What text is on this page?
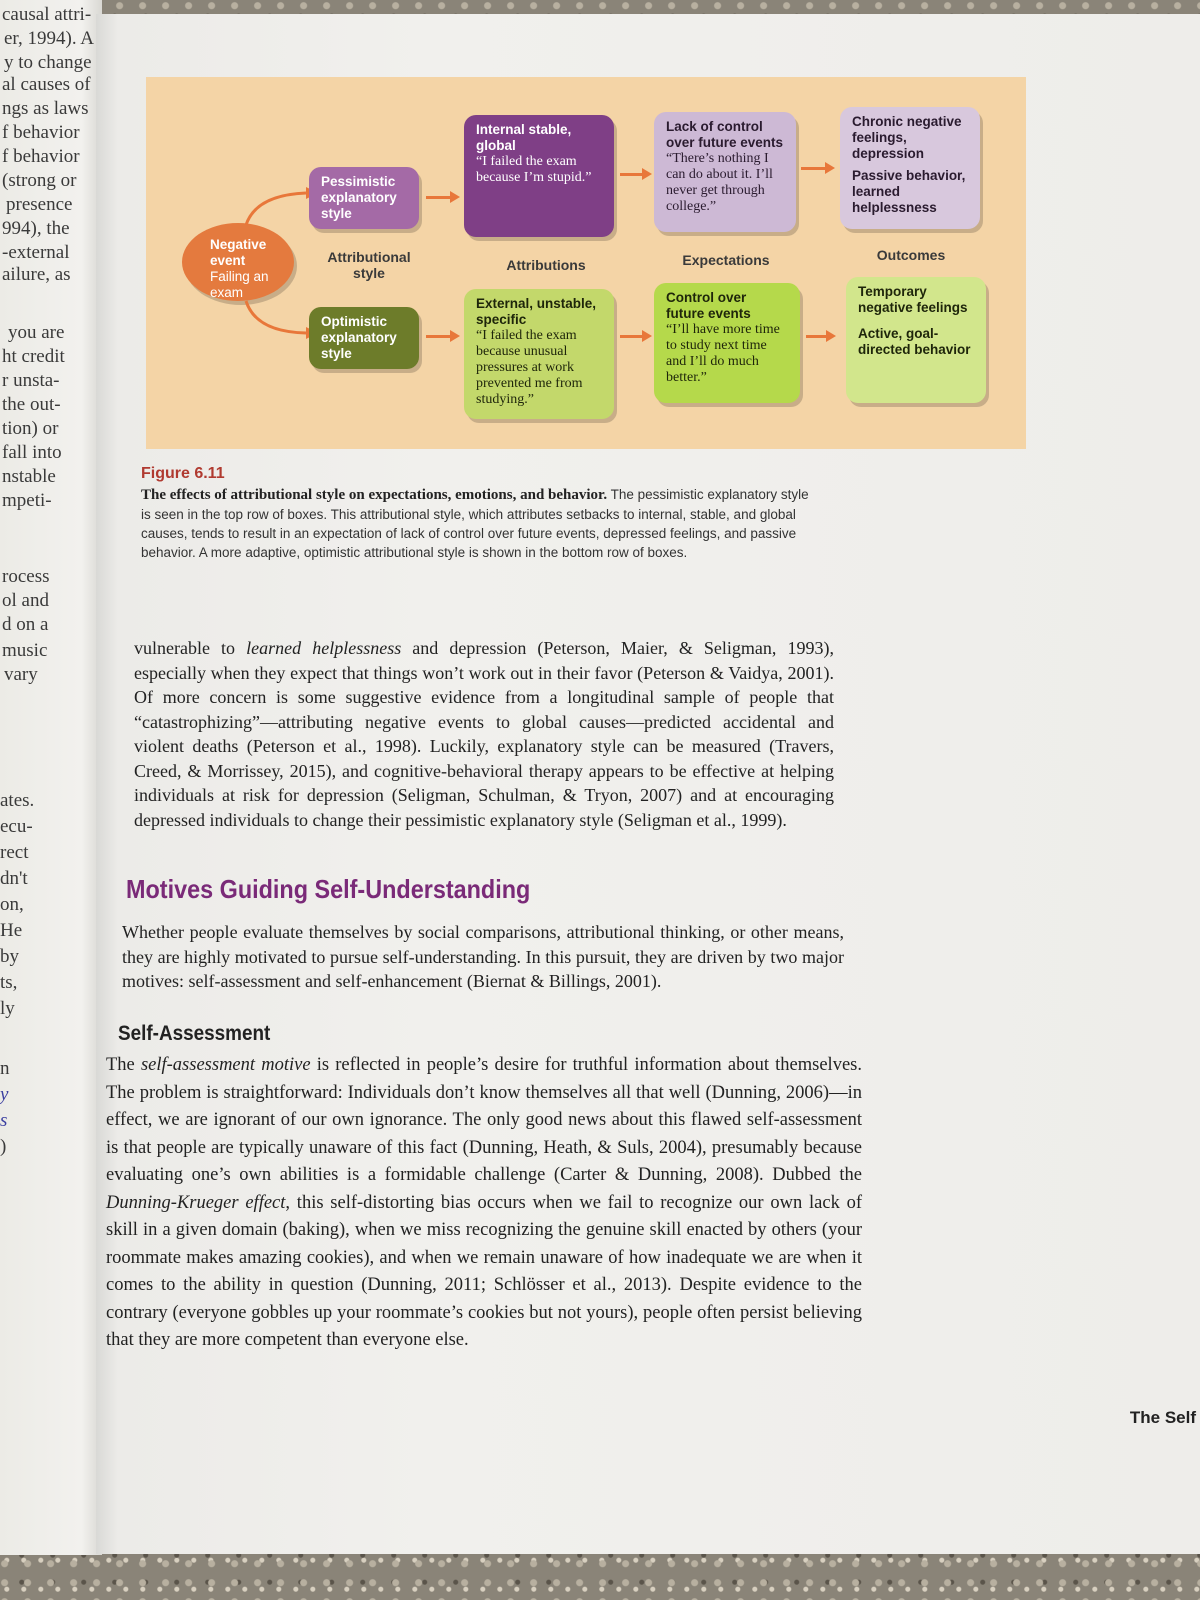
causal attri-
er, 1994). A
y to change
al causes of
ngs as laws
f behavior
f behavior
(strong or
presence
994), the
-external
ailure, as
you are
ht credit
r unsta-
the out-
tion) or
fall into
nstable
mpeti-
rocess
ol and
d on a
music
vary
ates.
ecu-
rect
dn't
on,
He
by
ts,
ly
n
y
s
)
Negative event
Failing an exam
Attributional style	Attributions	Expectations	Outcomes
Pessimistic explanatory style
Internal stable, global
“I failed the exam because I’m stupid.”
Lack of control over future events
“There’s nothing I can do about it. I’ll never get through college.”
Chronic negative feelings, depression
Passive behavior, learned helplessness
Optimistic explanatory style
External, unstable, specific
“I failed the exam because unusual pressures at work prevented me from studying.”
Control over future events
“I’ll have more time to study next time and I’ll do much better.”
Temporary negative feelings
Active, goal-directed behavior
Figure 6.11
The effects of attributional style on expectations, emotions, and behavior. The pessimistic explanatory style is seen in the top row of boxes. This attributional style, which attributes setbacks to internal, stable, and global causes, tends to result in an expectation of lack of control over future events, depressed feelings, and passive behavior. A more adaptive, optimistic attributional style is shown in the bottom row of boxes.
vulnerable to learned helplessness and depression (Peterson, Maier, & Seligman, 1993), especially when they expect that things won’t work out in their favor (Peterson & Vaidya, 2001). Of more concern is some suggestive evidence from a longitudinal sample of people that “catastrophizing”—attributing negative events to global causes—predicted accidental and violent deaths (Peterson et al., 1998). Luckily, explanatory style can be measured (Travers, Creed, & Morrissey, 2015), and cognitive-behavioral therapy appears to be effective at helping individuals at risk for depression (Seligman, Schulman, & Tryon, 2007) and at encouraging depressed individuals to change their pessimistic explanatory style (Seligman et al., 1999).
Motives Guiding Self-Understanding
Whether people evaluate themselves by social comparisons, attributional thinking, or other means, they are highly motivated to pursue self-understanding. In this pursuit, they are driven by two major motives: self-assessment and self-enhancement (Biernat & Billings, 2001).
Self-Assessment
The self-assessment motive is reflected in people’s desire for truthful information about themselves. The problem is straightforward: Individuals don’t know themselves all that well (Dunning, 2006)—in effect, we are ignorant of our own ignorance. The only good news about this flawed self-assessment is that people are typically unaware of this fact (Dunning, Heath, & Suls, 2004), presumably because evaluating one’s own abilities is a formidable challenge (Carter & Dunning, 2008). Dubbed the Dunning-Krueger effect, this self-distorting bias occurs when we fail to recognize our own lack of skill in a given domain (baking), when we miss recognizing the genuine skill enacted by others (your roommate makes amazing cookies), and when we remain unaware of how inadequate we are when it comes to the ability in question (Dunning, 2011; Schlösser et al., 2013). Despite evidence to the contrary (everyone gobbles up your roommate’s cookies but not yours), people often persist believing that they are more competent than everyone else.
The Self
